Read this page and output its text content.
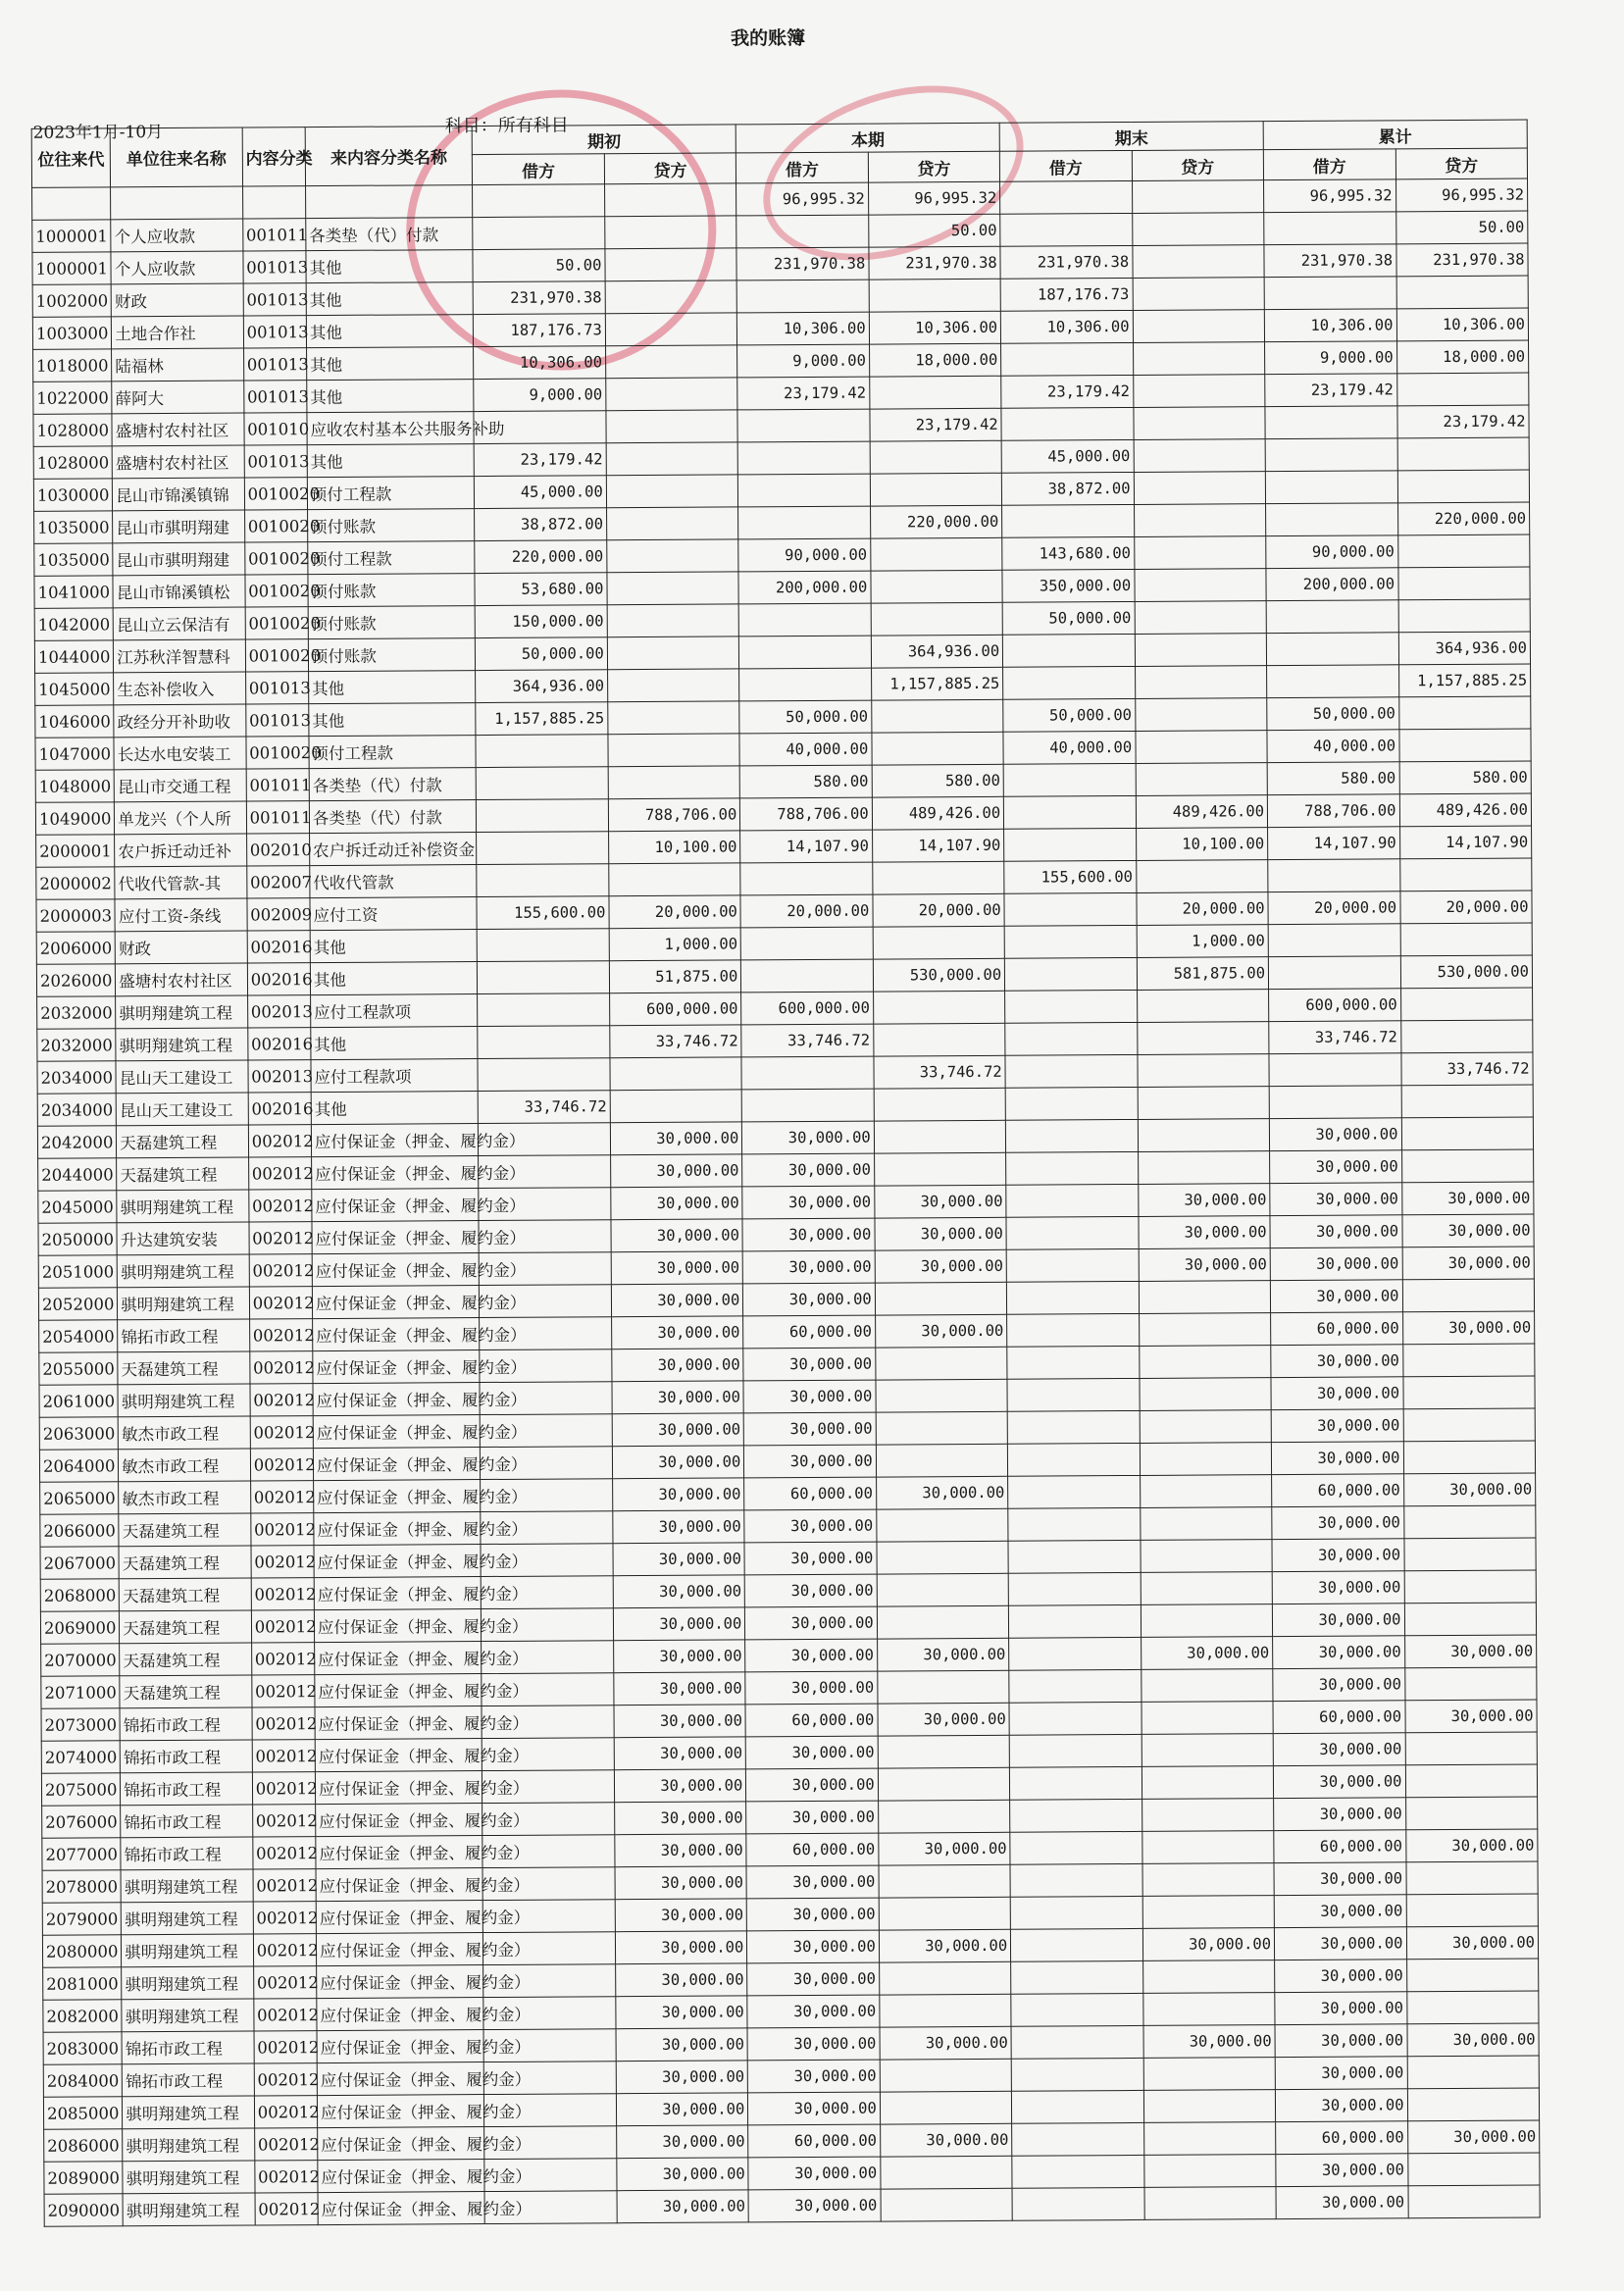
我的账簿
2023年1月-10月	科目：所有科目
位往来代	单位往来名称	内容分类	来内容分类名称	期初		本期		期末		累计	
				借方	贷方	借方	贷方	借方	贷方	借方	贷方
						96,995.32	96,995.32			96,995.32	96,995.32
1000001	个人应收款	001011	各类垫（代）付款				50.00				50.00
1000001	个人应收款	001013	其他	50.00		231,970.38	231,970.38	231,970.38		231,970.38	231,970.38
1002000	财政	001013	其他	231,970.38				187,176.73			
1003000	土地合作社	001013	其他	187,176.73		10,306.00	10,306.00	10,306.00		10,306.00	10,306.00
1018000	陆福林	001013	其他	10,306.00		9,000.00	18,000.00			9,000.00	18,000.00
1022000	薛阿大	001013	其他	9,000.00		23,179.42		23,179.42		23,179.42	
1028000	盛塘村农村社区	001010	应收农村基本公共服务补助				23,179.42				23,179.42
1028000	盛塘村农村社区	001013	其他	23,179.42				45,000.00			
1030000	昆山市锦溪镇锦	0010020	预付工程款	45,000.00				38,872.00			
1035000	昆山市骐明翔建	0010020	预付账款	38,872.00			220,000.00				220,000.00
1035000	昆山市骐明翔建	0010020	预付工程款	220,000.00		90,000.00		143,680.00		90,000.00	
1041000	昆山市锦溪镇松	0010020	预付账款	53,680.00		200,000.00		350,000.00		200,000.00	
1042000	昆山立云保洁有	0010020	预付账款	150,000.00				50,000.00			
1044000	江苏秋洋智慧科	0010020	预付账款	50,000.00			364,936.00				364,936.00
1045000	生态补偿收入	001013	其他	364,936.00			1,157,885.25				1,157,885.25
1046000	政经分开补助收	001013	其他	1,157,885.25		50,000.00		50,000.00		50,000.00	
1047000	长达水电安装工	0010020	预付工程款			40,000.00		40,000.00		40,000.00	
1048000	昆山市交通工程	001011	各类垫（代）付款			580.00	580.00			580.00	580.00
1049000	单龙兴（个人所	001011	各类垫（代）付款		788,706.00	788,706.00	489,426.00		489,426.00	788,706.00	489,426.00
2000001	农户拆迁动迁补	002010	农户拆迁动迁补偿资金		10,100.00	14,107.90	14,107.90		10,100.00	14,107.90	14,107.90
2000002	代收代管款-其	002007	代收代管款					155,600.00			
2000003	应付工资-条线	002009	应付工资	155,600.00	20,000.00	20,000.00	20,000.00		20,000.00	20,000.00	20,000.00
2006000	财政	002016	其他		1,000.00				1,000.00		
2026000	盛塘村农村社区	002016	其他		51,875.00		530,000.00		581,875.00		530,000.00
2032000	骐明翔建筑工程	002013	应付工程款项		600,000.00	600,000.00				600,000.00	
2032000	骐明翔建筑工程	002016	其他		33,746.72	33,746.72				33,746.72	
2034000	昆山天工建设工	002013	应付工程款项				33,746.72				33,746.72
2034000	昆山天工建设工	002016	其他	33,746.72							
2042000	天磊建筑工程	002012	应付保证金（押金、履约金）		30,000.00	30,000.00				30,000.00	
2044000	天磊建筑工程	002012	应付保证金（押金、履约金）		30,000.00	30,000.00				30,000.00	
2045000	骐明翔建筑工程	002012	应付保证金（押金、履约金）		30,000.00	30,000.00	30,000.00		30,000.00	30,000.00	30,000.00
2050000	升达建筑安装	002012	应付保证金（押金、履约金）		30,000.00	30,000.00	30,000.00		30,000.00	30,000.00	30,000.00
2051000	骐明翔建筑工程	002012	应付保证金（押金、履约金）		30,000.00	30,000.00	30,000.00		30,000.00	30,000.00	30,000.00
2052000	骐明翔建筑工程	002012	应付保证金（押金、履约金）		30,000.00	30,000.00				30,000.00	
2054000	锦拓市政工程	002012	应付保证金（押金、履约金）		30,000.00	60,000.00	30,000.00			60,000.00	30,000.00
2055000	天磊建筑工程	002012	应付保证金（押金、履约金）		30,000.00	30,000.00				30,000.00	
2061000	骐明翔建筑工程	002012	应付保证金（押金、履约金）		30,000.00	30,000.00				30,000.00	
2063000	敏杰市政工程	002012	应付保证金（押金、履约金）		30,000.00	30,000.00				30,000.00	
2064000	敏杰市政工程	002012	应付保证金（押金、履约金）		30,000.00	30,000.00				30,000.00	
2065000	敏杰市政工程	002012	应付保证金（押金、履约金）		30,000.00	60,000.00	30,000.00			60,000.00	30,000.00
2066000	天磊建筑工程	002012	应付保证金（押金、履约金）		30,000.00	30,000.00				30,000.00	
2067000	天磊建筑工程	002012	应付保证金（押金、履约金）		30,000.00	30,000.00				30,000.00	
2068000	天磊建筑工程	002012	应付保证金（押金、履约金）		30,000.00	30,000.00				30,000.00	
2069000	天磊建筑工程	002012	应付保证金（押金、履约金）		30,000.00	30,000.00				30,000.00	
2070000	天磊建筑工程	002012	应付保证金（押金、履约金）		30,000.00	30,000.00	30,000.00		30,000.00	30,000.00	30,000.00
2071000	天磊建筑工程	002012	应付保证金（押金、履约金）		30,000.00	30,000.00				30,000.00	
2073000	锦拓市政工程	002012	应付保证金（押金、履约金）		30,000.00	60,000.00	30,000.00			60,000.00	30,000.00
2074000	锦拓市政工程	002012	应付保证金（押金、履约金）		30,000.00	30,000.00				30,000.00	
2075000	锦拓市政工程	002012	应付保证金（押金、履约金）		30,000.00	30,000.00				30,000.00	
2076000	锦拓市政工程	002012	应付保证金（押金、履约金）		30,000.00	30,000.00				30,000.00	
2077000	锦拓市政工程	002012	应付保证金（押金、履约金）		30,000.00	60,000.00	30,000.00			60,000.00	30,000.00
2078000	骐明翔建筑工程	002012	应付保证金（押金、履约金）		30,000.00	30,000.00				30,000.00	
2079000	骐明翔建筑工程	002012	应付保证金（押金、履约金）		30,000.00	30,000.00				30,000.00	
2080000	骐明翔建筑工程	002012	应付保证金（押金、履约金）		30,000.00	30,000.00	30,000.00		30,000.00	30,000.00	30,000.00
2081000	骐明翔建筑工程	002012	应付保证金（押金、履约金）		30,000.00	30,000.00				30,000.00	
2082000	骐明翔建筑工程	002012	应付保证金（押金、履约金）		30,000.00	30,000.00				30,000.00	
2083000	锦拓市政工程	002012	应付保证金（押金、履约金）		30,000.00	30,000.00	30,000.00		30,000.00	30,000.00	30,000.00
2084000	锦拓市政工程	002012	应付保证金（押金、履约金）		30,000.00	30,000.00				30,000.00	
2085000	骐明翔建筑工程	002012	应付保证金（押金、履约金）		30,000.00	30,000.00				30,000.00	
2086000	骐明翔建筑工程	002012	应付保证金（押金、履约金）		30,000.00	60,000.00	30,000.00			60,000.00	30,000.00
2089000	骐明翔建筑工程	002012	应付保证金（押金、履约金）		30,000.00	30,000.00				30,000.00	
2090000	骐明翔建筑工程	002012	应付保证金（押金、履约金）		30,000.00	30,000.00				30,000.00	
